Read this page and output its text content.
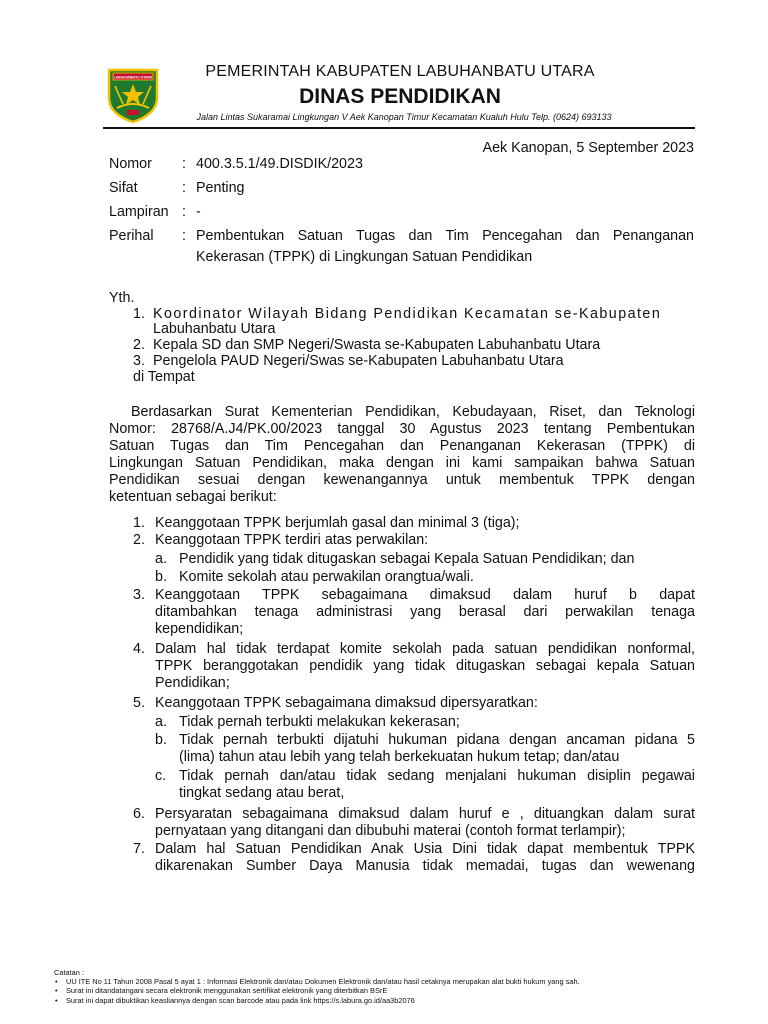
LABUHANBATU UTARA	PEMERINTAH KABUPATEN LABUHANBATU UTARA
DINAS PENDIDIKAN
Jalan Lintas Sukaramai Lingkungan V Aek Kanopan Timur Kecamatan Kualuh Hulu Telp. (0624) 693133
Aek Kanopan, 5 September 2023
Nomor	: 400.3.5.1/49.DISDIK/2023
Sifat	: Penting
Lampiran : -
Perihal	: Pembentukan Satuan Tugas dan Tim Pencegahan dan Penanganan
Kekerasan (TPPK) di Lingkungan Satuan Pendidikan
Yth.
1. Koordinator Wilayah Bidang Pendidikan Kecamatan se-Kabupaten
Labuhanbatu Utara
2. Kepala SD dan SMP Negeri/Swasta se-Kabupaten Labuhanbatu Utara
3. Pengelola PAUD Negeri/Swas se-Kabupaten Labuhanbatu Utara
di Tempat
Berdasarkan Surat Kementerian Pendidikan, Kebudayaan, Riset, dan Teknologi
Nomor: 28768/A.J4/PK.00/2023 tanggal 30 Agustus 2023 tentang Pembentukan
Satuan Tugas dan Tim Pencegahan dan Penanganan Kekerasan (TPPK) di
Lingkungan Satuan Pendidikan, maka dengan ini kami sampaikan bahwa Satuan
Pendidikan sesuai dengan kewenangannya untuk membentuk TPPK dengan
ketentuan sebagai berikut:
1. Keanggotaan TPPK berjumlah gasal dan minimal 3 (tiga);
2. Keanggotaan TPPK terdiri atas perwakilan:
a. Pendidik yang tidak ditugaskan sebagai Kepala Satuan Pendidikan; dan
b. Komite sekolah atau perwakilan orangtua/wali.
3. Keanggotaan TPPK sebagaimana dimaksud dalam huruf b dapat
ditambahkan tenaga administrasi yang berasal dari perwakilan tenaga
kependidikan;
4. Dalam hal tidak terdapat komite sekolah pada satuan pendidikan nonformal,
TPPK beranggotakan pendidik yang tidak ditugaskan sebagai kepala Satuan
Pendidikan;
5. Keanggotaan TPPK sebagaimana dimaksud dipersyaratkan:
a. Tidak pernah terbukti melakukan kekerasan;
b. Tidak pernah terbukti dijatuhi hukuman pidana dengan ancaman pidana 5
(lima) tahun atau lebih yang telah berkekuatan hukum tetap; dan/atau
c. Tidak pernah dan/atau tidak sedang menjalani hukuman disiplin pegawai
tingkat sedang atau berat,
6. Persyaratan sebagaimana dimaksud dalam huruf e , dituangkan dalam surat
pernyataan yang ditangani dan dibubuhi materai (contoh format terlampir);
7. Dalam hal Satuan Pendidikan Anak Usia Dini tidak dapat membentuk TPPK
dikarenakan Sumber Daya Manusia tidak memadai, tugas dan wewenang
Catatan :
• UU ITE No 11 Tahun 2008 Pasal 5 ayat 1 : Informasi Elektronik dan/atau Dokumen Elektronik dan/atau hasil cetaknya merupakan alat bukti hukum yang sah.
• Surat ini ditandatangani secara elektronik menggunakan sertifikat elektronik yang diterbitkan BSrE
• Surat ini dapat dibuktikan keasliannya dengan scan barcode atau pada link https://s.labura.go.id/aa3b2076
